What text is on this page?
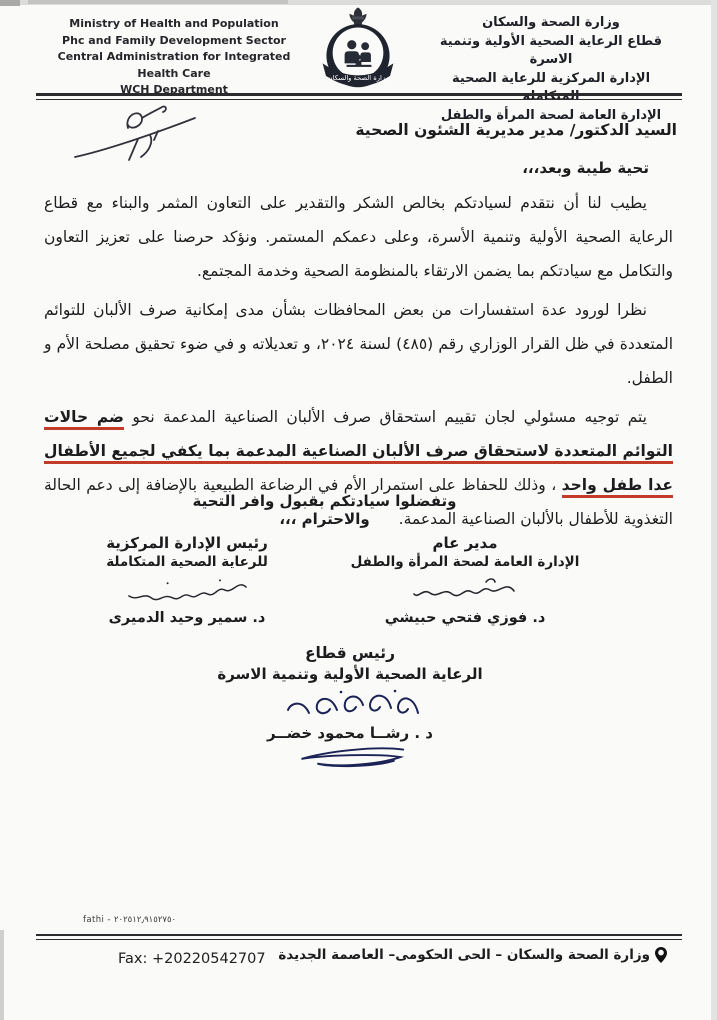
Ministry of Health and Population
Phc and Family Development Sector
Central Administration for Integrated Health Care
WCH Department
وزارة الصحة والسكان
وزارة الصحة والسكان
قطاع الرعاية الصحية الأولية وتنمية الاسرة
الإدارة المركزية للرعاية الصحية المتكاملة
الإدارة العامة لصحة المرأة والطفل
السيد الدكتور/ مدير مديرية الشئون الصحية
تحية طيبة وبعد،،،

يطيب لنا أن نتقدم لسيادتكم بخالص الشكر والتقدير على التعاون المثمر والبناء مع قطاع الرعاية الصحية الأولية وتنمية الأسرة، وعلى دعمكم المستمر. ونؤكد حرصنا على تعزيز التعاون والتكامل مع سيادتكم بما يضمن الارتقاء بالمنظومة الصحية وخدمة المجتمع.

نظرا لورود عدة استفسارات من بعض المحافظات بشأن مدى إمكانية صرف الألبان للتوائم المتعددة في ظل القرار الوزاري رقم (٤٨٥) لسنة ٢٠٢٤، و تعديلاته و في ضوء تحقيق مصلحة الأم و الطفل.

يتم توجيه مسئولي لجان تقييم استحقاق صرف الألبان الصناعية المدعمة نحو ضم حالات التوائم المتعددة لاستحقاق صرف الألبان الصناعية المدعمة بما يكفي لجميع الأطفال عدا طفل واحد ، وذلك للحفاظ على استمرار الأم في الرضاعة الطبيعية بالإضافة إلى دعم الحالة التغذوية للأطفال بالألبان الصناعية المدعمة.

وتفضلوا سيادتكم بقبول وافر التحية والاحترام ،،،
مدير عام
الإدارة العامة لصحة المرأة والطفل
د. فوزي فتحي حبيشي
رئيس الإدارة المركزية
للرعاية الصحية المتكاملة
د. سمير وحيد الدميرى
رئيس قطاع
الرعاية الصحية الأولية وتنمية الاسرة
د . رشــا محمود خضــر
fathi - ٢٠٢٥١٢٫٩١٥٢٧٥٠
وزارة الصحة والسكان – الحى الحكومى– العاصمة الجديدة
Fax: +20220542707
